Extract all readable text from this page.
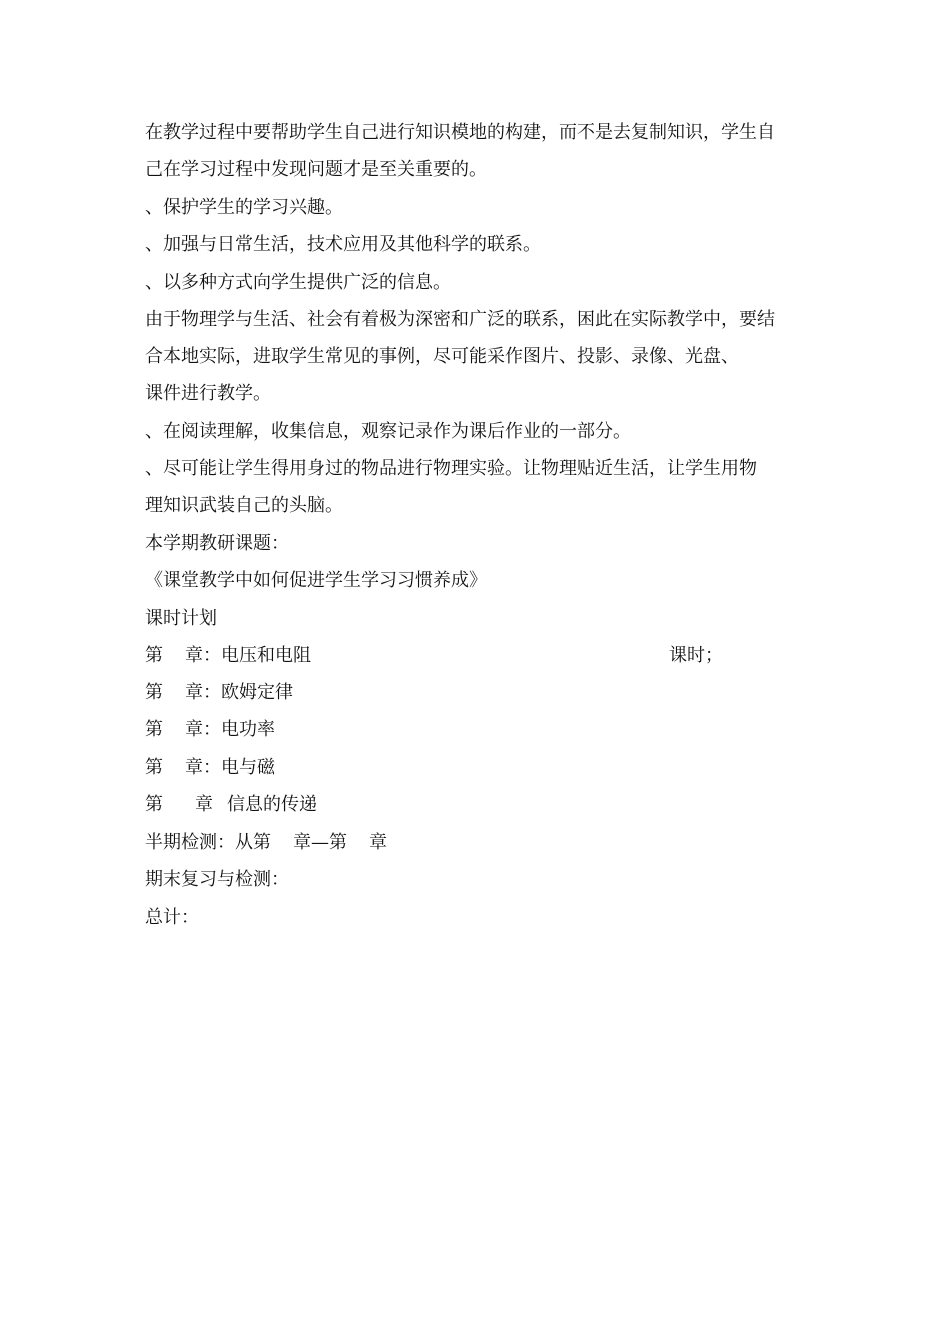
在教学过程中要帮助学生自己进行知识模地的构建，而不是去复制知识，学生自
己在学习过程中发现问题才是至关重要的。
、保护学生的学习兴趣。
、加强与日常生活，技术应用及其他科学的联系。
、以多种方式向学生提供广泛的信息。
由于物理学与生活、社会有着极为深密和广泛的联系，困此在实际教学中，要结
合本地实际，进取学生常见的事例，尽可能采作图片、投影、录像、光盘、
课件进行教学。
、在阅读理解，收集信息，观察记录作为课后作业的一部分。
、尽可能让学生得用身过的物品进行物理实验。让物理贴近生活，让学生用物
理知识武装自己的头脑。
本学期教研课题：
《课堂教学中如何促进学生学习习惯养成》
课时计划
第 章：电压和电阻	课时；
第 章：欧姆定律
第 章：电功率
第 章：电与磁
第 章 信息的传递
半期检测：从第 章—第 章
期末复习与检测：
总计：
